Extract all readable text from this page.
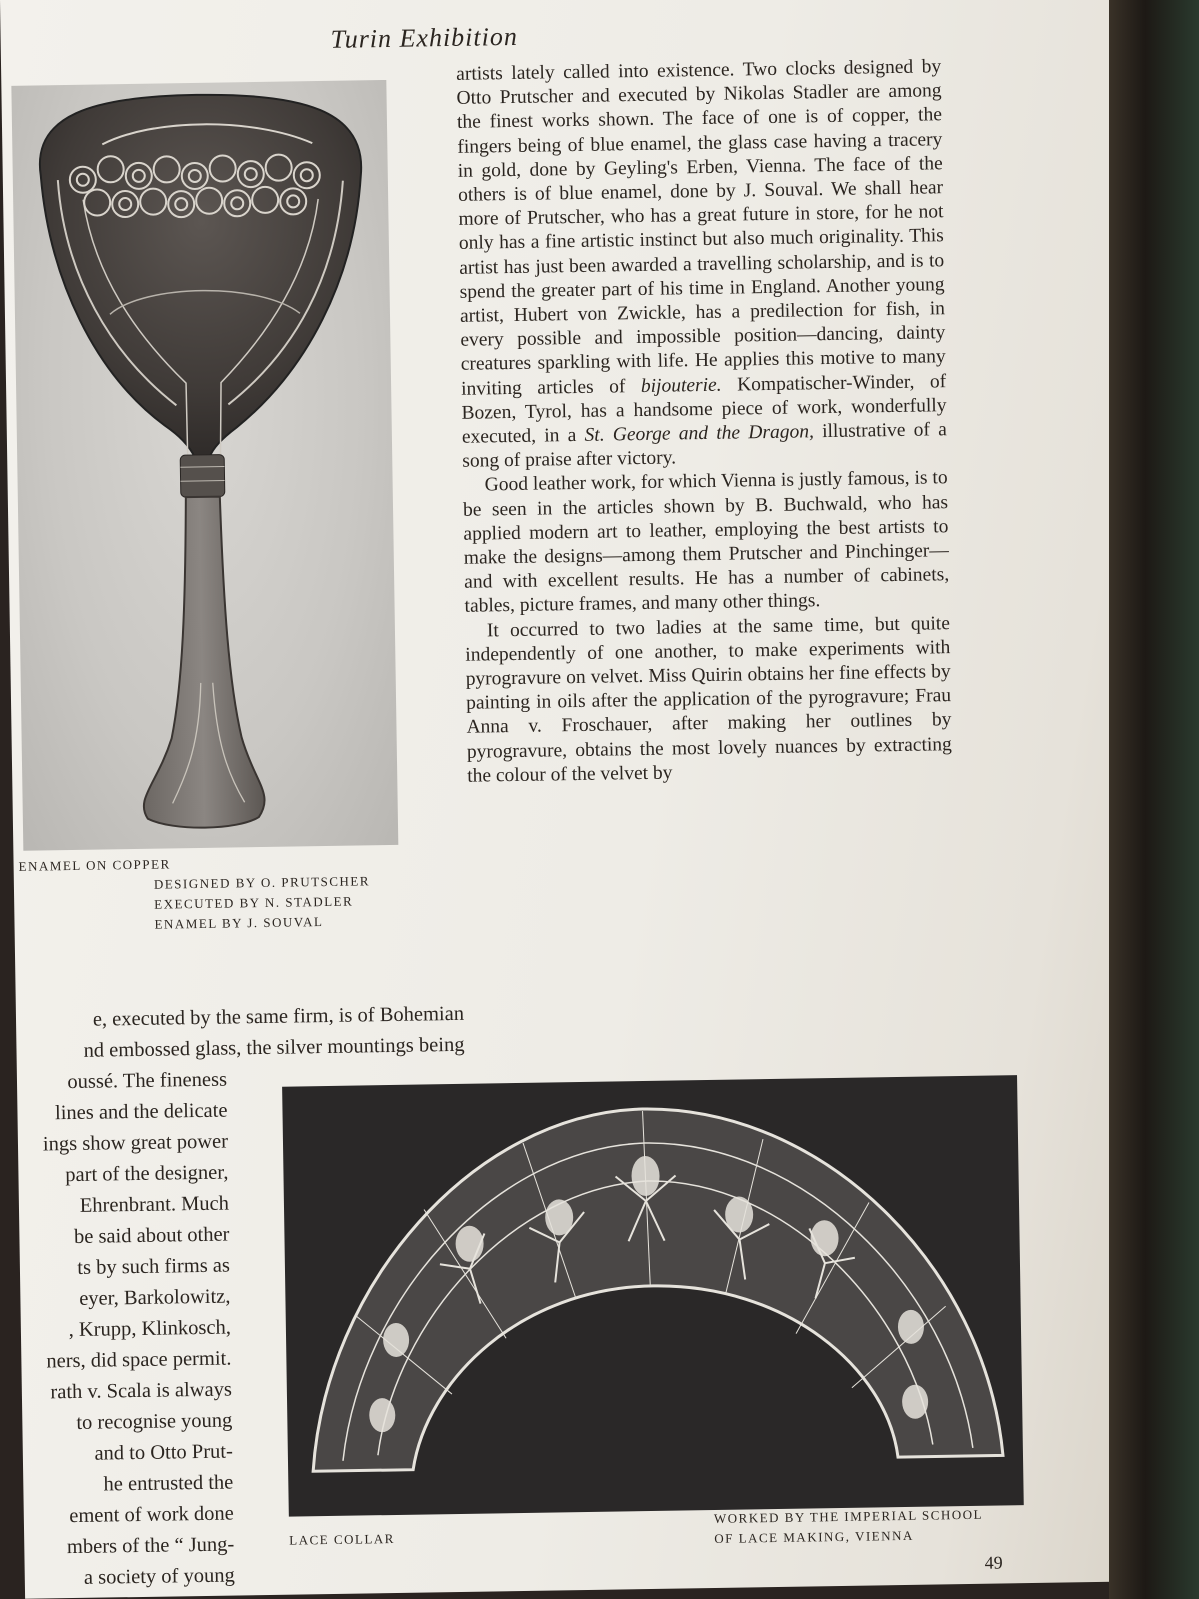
Turin Exhibition
ENAMEL ON COPPER
DESIGNED BY O. PRUTSCHER
EXECUTED BY N. STADLER
ENAMEL BY J. SOUVAL

artists lately called into existence. Two clocks designed by Otto Prutscher and executed by Nikolas Stadler are among the finest works shown. The face of one is of copper, the fingers being of blue enamel, the glass case having a tracery in gold, done by Geyling's Erben, Vienna. The face of the others is of blue enamel, done by J. Souval. We shall hear more of Prutscher, who has a great future in store, for he not only has a fine artistic instinct but also much originality. This artist has just been awarded a travelling scholarship, and is to spend the greater part of his time in England. Another young artist, Hubert von Zwickle, has a predilection for fish, in every possible and impossible position—dancing, dainty creatures sparkling with life. He applies this motive to many inviting articles of bijouterie. Kompatischer-Winder, of Bozen, Tyrol, has a handsome piece of work, wonderfully executed, in a St. George and the Dragon, illustrative of a song of praise after victory.

Good leather work, for which Vienna is justly famous, is to be seen in the articles shown by B. Buchwald, who has applied modern art to leather, employing the best artists to make the designs—among them Prutscher and Pinchinger—and with excellent results. He has a number of cabinets, tables, picture frames, and many other things.

It occurred to two ladies at the same time, but quite independently of one another, to make experiments with pyrogravure on velvet. Miss Quirin obtains her fine effects by painting in oils after the application of the pyrogravure; Frau Anna v. Froschauer, after making her outlines by pyrogravure, obtains the most lovely nuances by extracting the colour of the velvet by

e, executed by the same firm, is of Bohemian
nd embossed glass, the silver mountings being
oussé. The fineness
lines and the delicate
ings show great power
part of the designer,
Ehrenbrant. Much
be said about other
ts by such firms as
eyer, Barkolowitz,
, Krupp, Klinkosch,
ners, did space permit.
rath v. Scala is always
to recognise young
and to Otto Prut-
he entrusted the
ement of work done
mbers of the “ Jung-
a society of young
LACE COLLAR
WORKED BY THE IMPERIAL SCHOOL
OF LACE MAKING, VIENNA
49
